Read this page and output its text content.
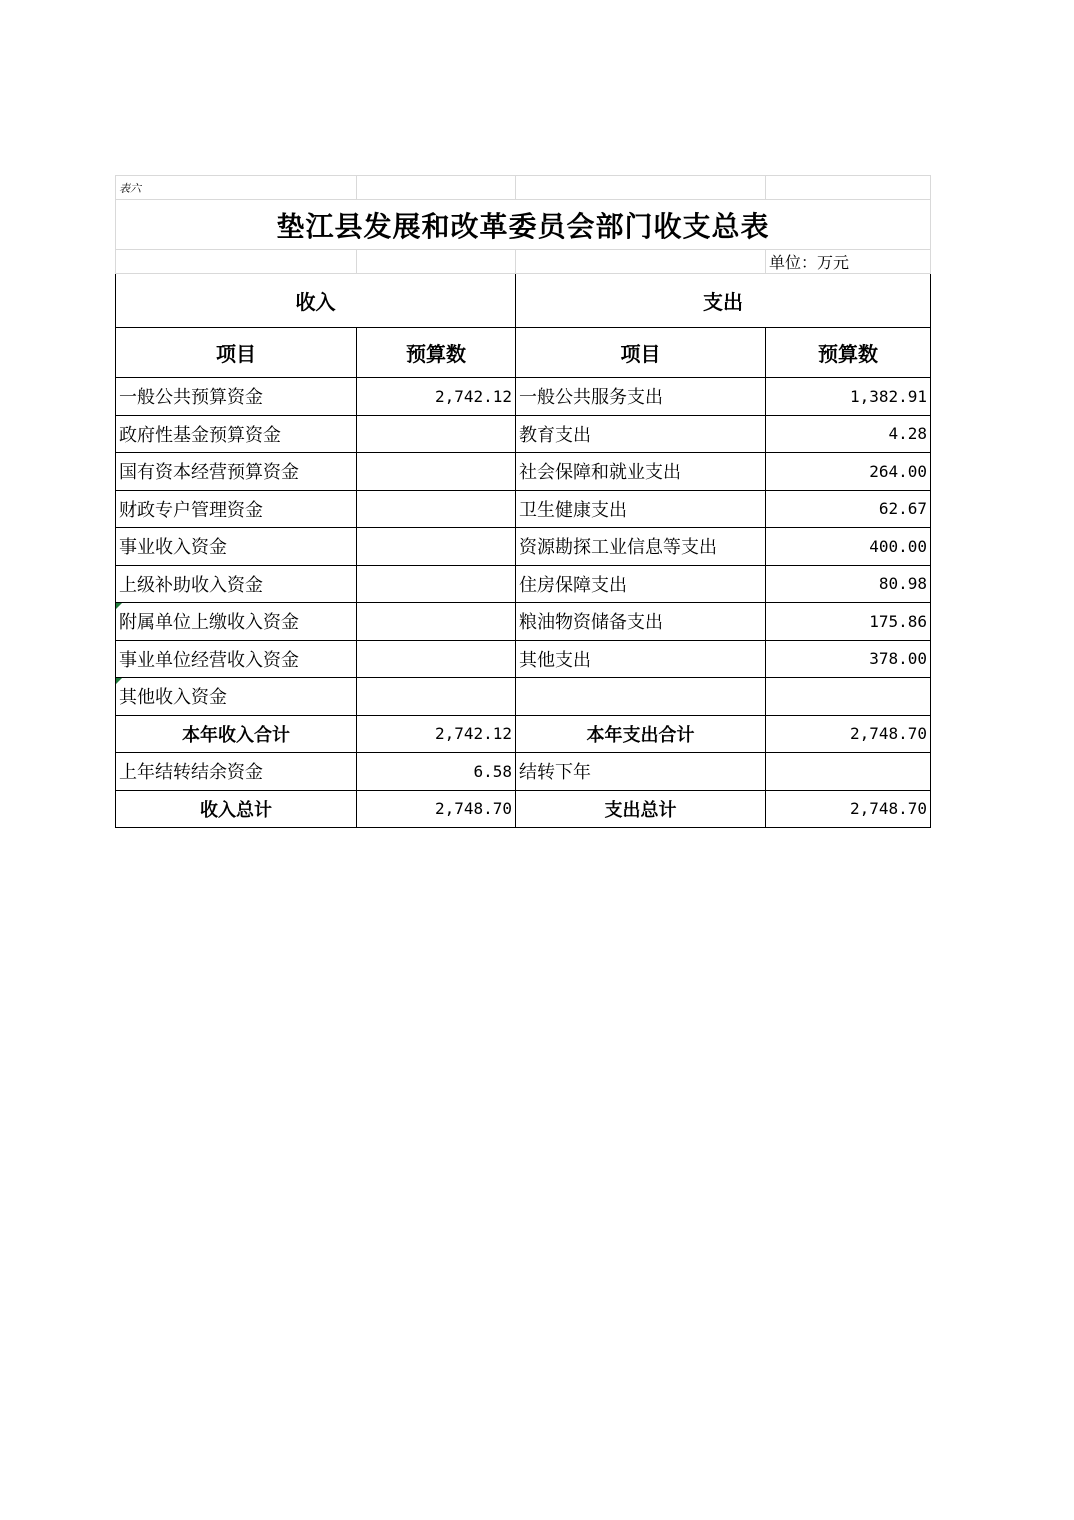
表六			
垫江县发展和改革委员会部门收支总表			
			单位：万元
收入		支出	
项目	预算数	项目	预算数
一般公共预算资金	2,742.12	一般公共服务支出	1,382.91
政府性基金预算资金		教育支出	4.28
国有资本经营预算资金		社会保障和就业支出	264.00
财政专户管理资金		卫生健康支出	62.67
事业收入资金		资源勘探工业信息等支出	400.00
上级补助收入资金		住房保障支出	80.98
附属单位上缴收入资金		粮油物资储备支出	175.86
事业单位经营收入资金		其他支出	378.00
其他收入资金			
本年收入合计	2,742.12	本年支出合计	2,748.70
上年结转结余资金	6.58	结转下年	
收入总计	2,748.70	支出总计	2,748.70
